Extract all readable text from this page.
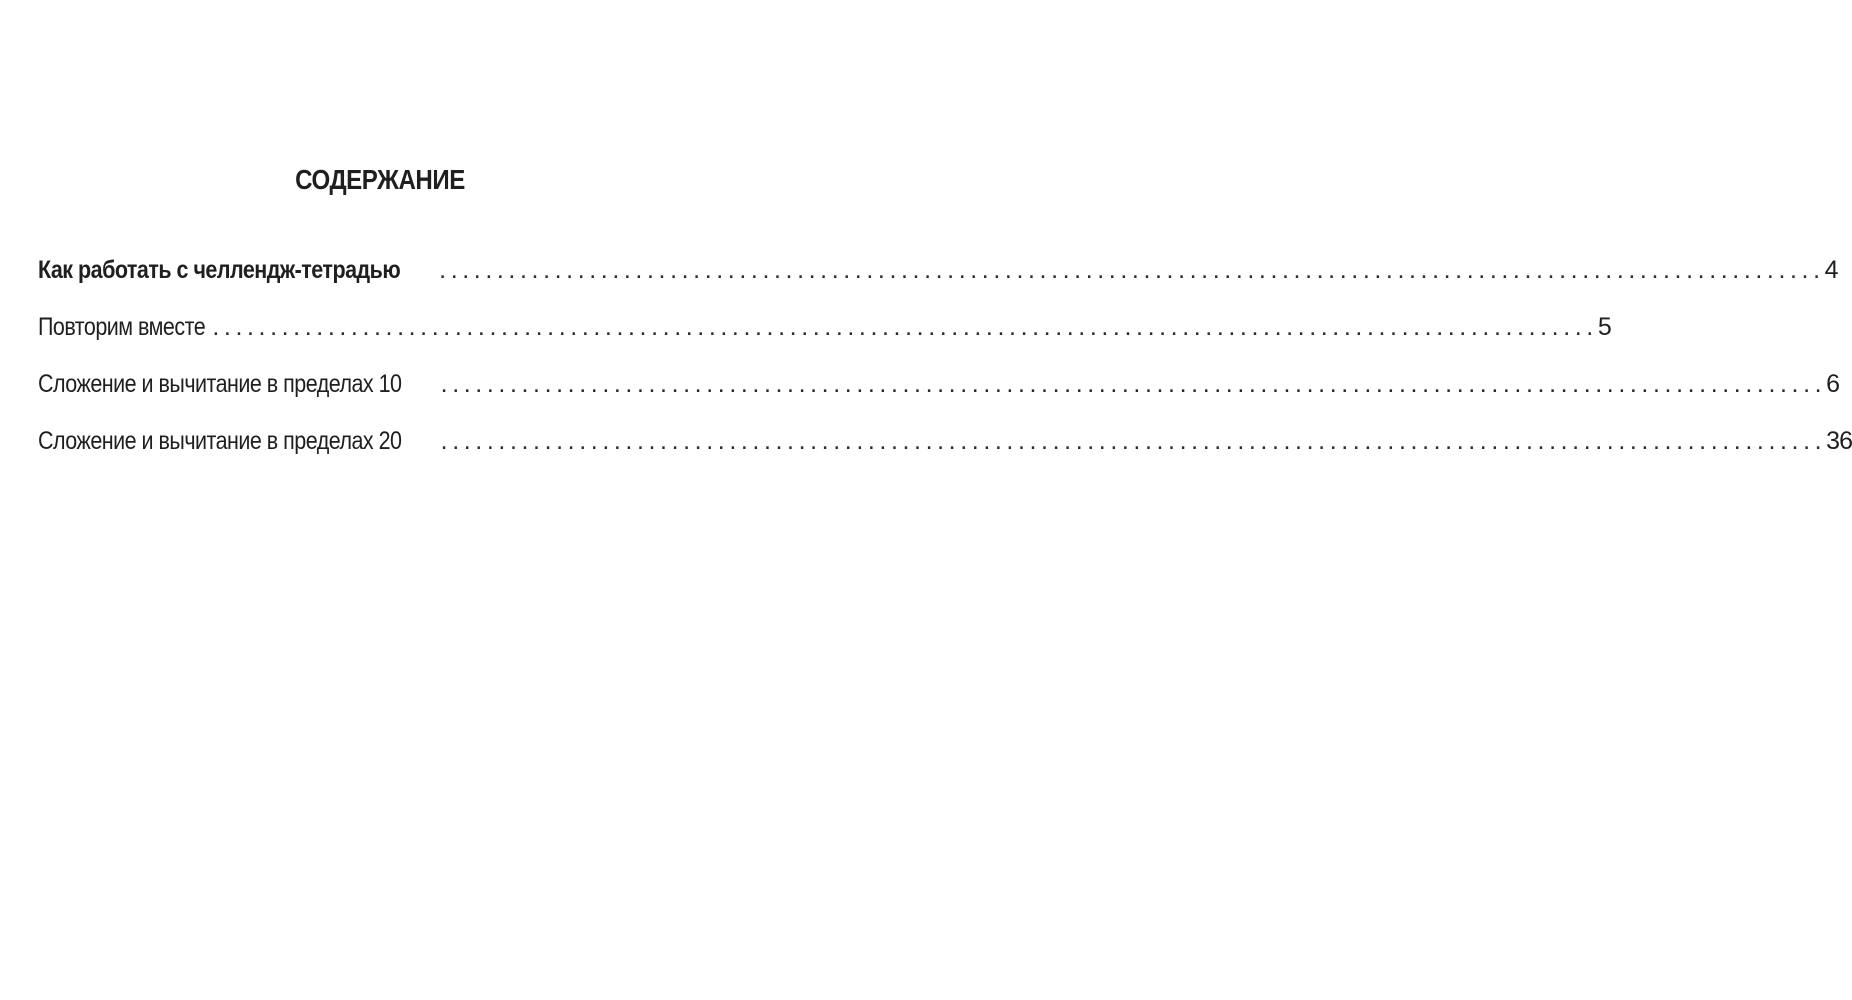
СОДЕРЖАНИЕ
Как работать с челлендж-тетрадью	........................................................................................................................ 4
Повторим вместе ........................................................................................................................ 5
Сложение и вычитание в пределах 10	........................................................................................................................ 6
Сложение и вычитание в пределах 20	........................................................................................................................ 36
